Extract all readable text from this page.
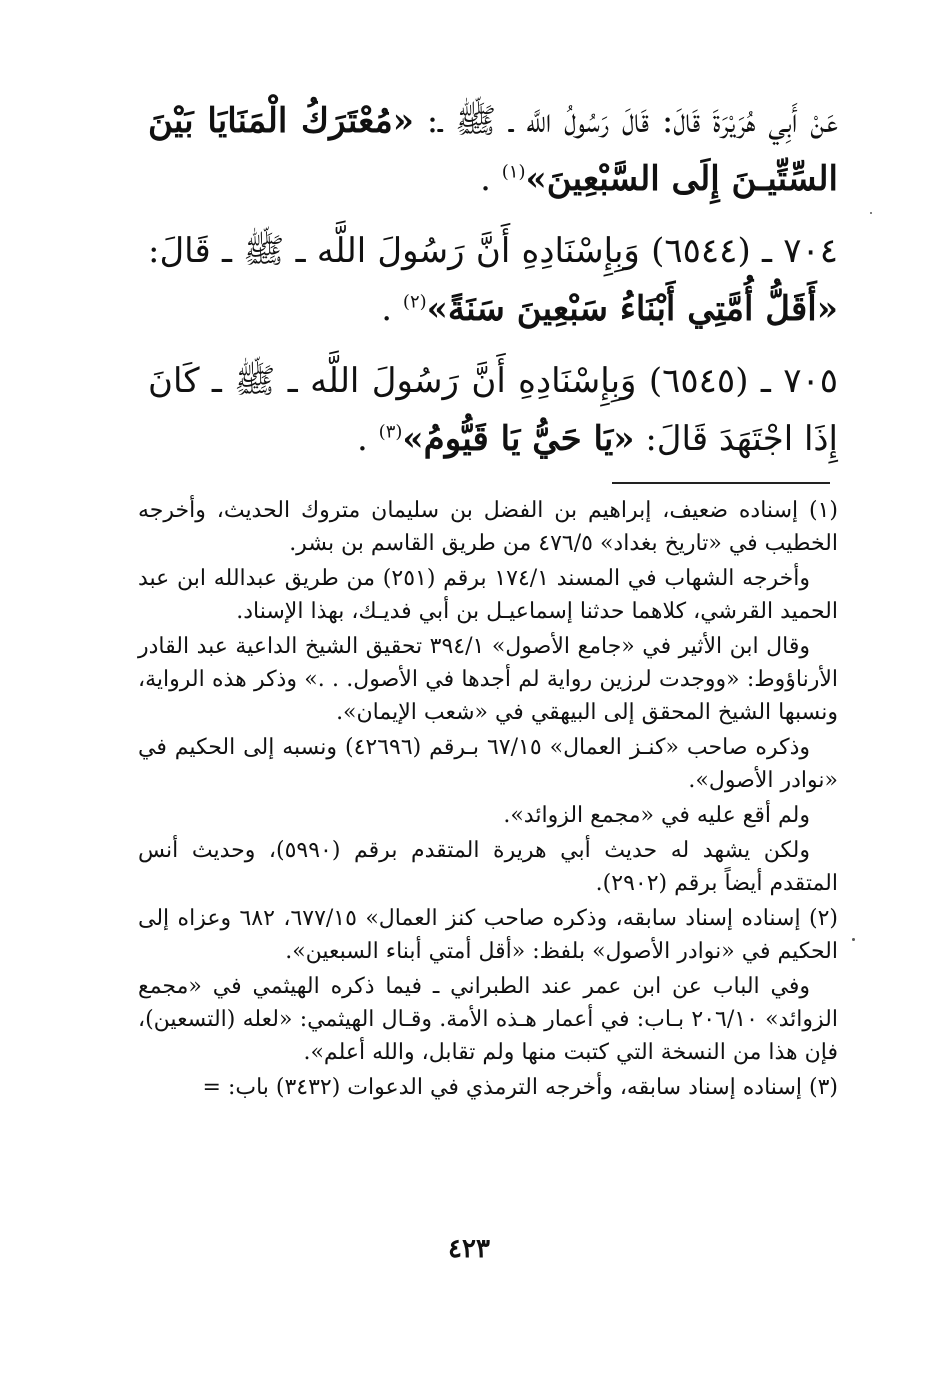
عَنْ أَبِي هُرَيْرَةَ قَالَ: قَالَ رَسُولُ اللَّه ـ ﷺ ـ: «مُعْتَرَكُ الْمَنَايَا بَيْنَ السِّتِّيـنَ إِلَى السَّبْعِينَ»$^{(١)}$ .

٧٠٤ ـ (٦٥٤٤) وَبِإِسْنَادِهِ أَنَّ رَسُولَ اللَّه ـ ﷺ ـ قَالَ: «أَقَلُّ أُمَّتِي أَبْنَاءُ سَبْعِينَ سَنَةً»$^{(٢)}$ .

٧٠٥ ـ (٦٥٤٥) وَبِإِسْنَادِهِ أَنَّ رَسُولَ اللَّه ـ ﷺ ـ كَانَ إِذَا اجْتَهَدَ قَالَ: «يَا حَيُّ يَا قَيُّومُ»$^{(٣)}$ .

(١) إسناده ضعيف، إبراهيم بن الفضل بن سليمان متروك الحديث، وأخرجه الخطيب في «تاريخ بغداد» ٤٧٦/٥ من طريق القاسم بن بشر.

وأخرجه الشهاب في المسند ١٧٤/١ برقم (٢٥١) من طريق عبدالله ابن عبد الحميد القرشي، كلاهما حدثنا إسماعيـل بن أبي فديـك، بهذا الإسناد.

وقال ابن الأثير في «جامع الأصول» ٣٩٤/١ تحقيق الشيخ الداعية عبد القادر الأرناؤوط: «ووجدت لرزين رواية لم أجدها في الأصول. . .» وذكر هذه الرواية، ونسبها الشيخ المحقق إلى البيهقي في «شعب الإيمان».

وذكره صاحب «كنـز العمال» ٦٧/١٥ بـرقم (٤٢٦٩٦) ونسبه إلى الحكيم في «نوادر الأصول».

ولم أقع عليه في «مجمع الزوائد».

ولكن يشهد له حديث أبي هريرة المتقدم برقم (٥٩٩٠)، وحديث أنس المتقدم أيضاً برقم (٢٩٠٢).

(٢) إسناده إسناد سابقه، وذكره صاحب كنز العمال» ٦٧٧/١٥، ٦٨٢ وعزاه إلى الحكيم في «نوادر الأصول» بلفظ: «أقل أمتي أبناء السبعين».

وفي الباب عن ابن عمر عند الطبراني ـ فيما ذكره الهيثمي في «مجمع الزوائد» ٢٠٦/١٠ بـاب: في أعمار هـذه الأمة. وقـال الهيثمي: «لعله (التسعين)، فإن هذا من النسخة التي كتبت منها ولم تقابل، والله أعلم».

(٣) إسناده إسناد سابقه، وأخرجه الترمذي في الدعوات (٣٤٣٢) باب: =

٤٢٣
